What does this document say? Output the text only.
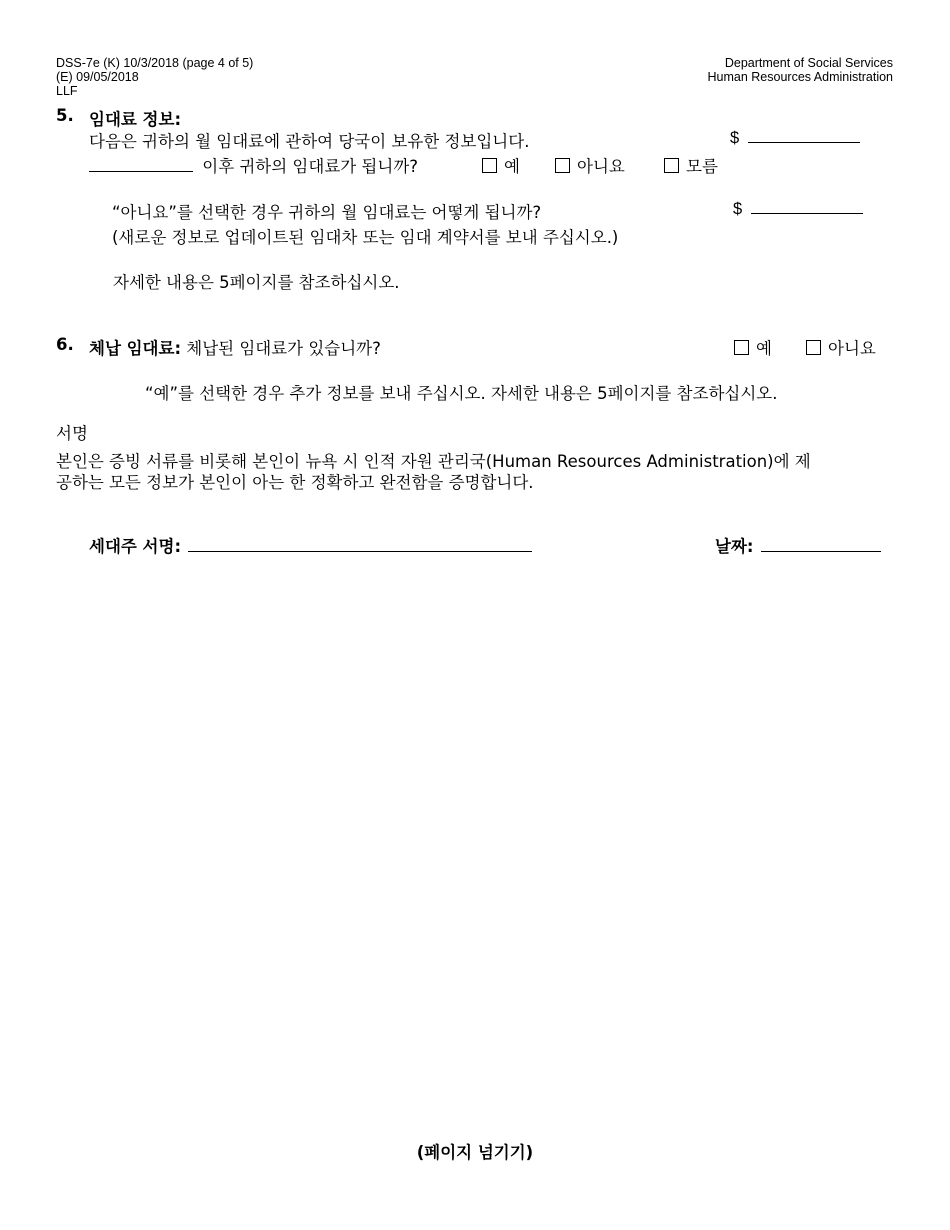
DSS-7e (K) 10/3/2018 (page 4 of 5)
(E) 09/05/2018
LLF
Department of Social Services
Human Resources Administration
5. 임대료 정보:
다음은 귀하의 월 임대료에 관하여 당국이 보유한 정보입니다.	$
이후 귀하의 임대료가 됩니까?	예	아니요	모름
“아니요”를 선택한 경우 귀하의 월 임대료는 어떻게 됩니까?	$
(새로운 정보로 업데이트된 임대차 또는 임대 계약서를 보내 주십시오.)
자세한 내용은 5페이지를 참조하십시오.
6. 체납 임대료: 체납된 임대료가 있습니까?	예	아니요
“예”를 선택한 경우 추가 정보를 보내 주십시오. 자세한 내용은 5페이지를 참조하십시오.
서명
본인은 증빙 서류를 비롯해 본인이 뉴욕 시 인적 자원 관리국(Human Resources Administration)에 제
공하는 모든 정보가 본인이 아는 한 정확하고 완전함을 증명합니다.
세대주 서명:	날짜:
(페이지 넘기기)
